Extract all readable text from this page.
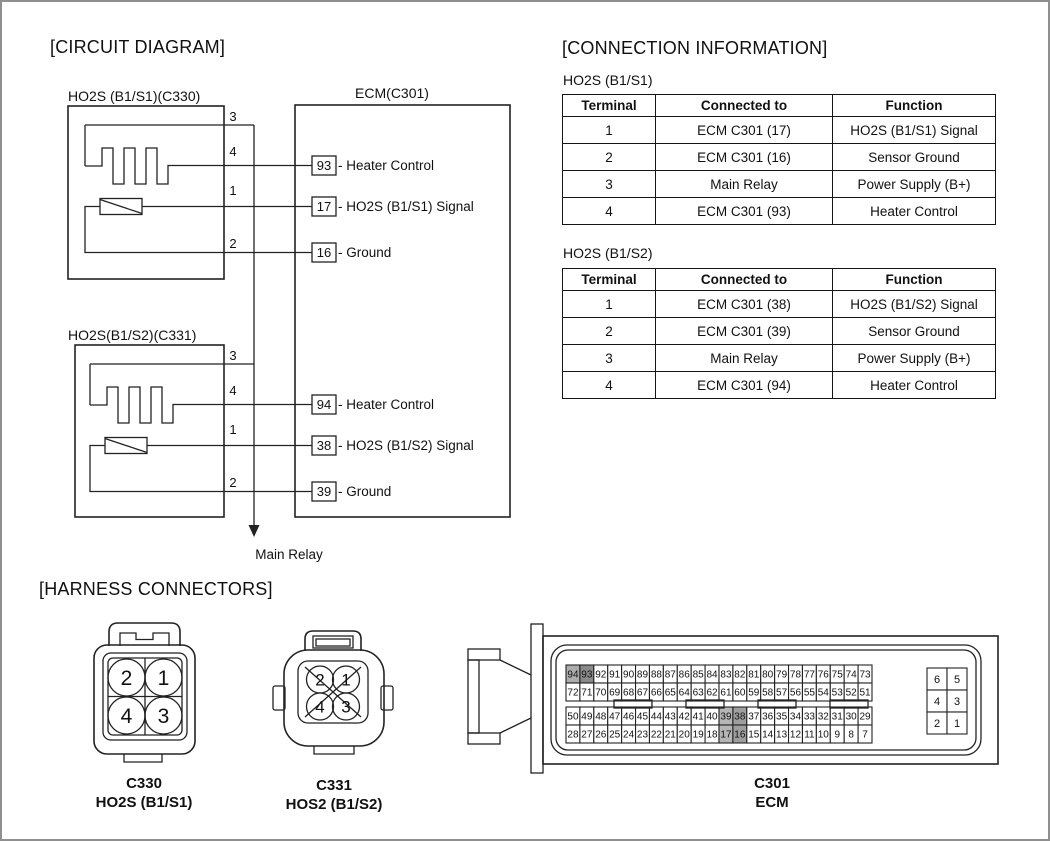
[CIRCUIT DIAGRAM]
Main Relay
ECM(C301)
HO2S (B1/S1)(C330)
3
4
1
2
93 - Heater Control
17 - HO2S (B1/S1) Signal
16 - Ground
HO2S(B1/S2)(C331)
3
4
1
2
94 - Heater Control
38 - HO2S (B1/S2) Signal
39 - Ground
[CONNECTION INFORMATION]
HO2S (B1/S1)
Terminal	Connected to	Function
1	ECM C301 (17)	HO2S (B1/S1) Signal
2	ECM C301 (16)	Sensor Ground
3	Main Relay	Power Supply (B+)
4	ECM C301 (93)	Heater Control
HO2S (B1/S2)
Terminal	Connected to	Function
1	ECM C301 (38)	HO2S (B1/S2) Signal
2	ECM C301 (39)	Sensor Ground
3	Main Relay	Power Supply (B+)
4	ECM C301 (94)	Heater Control
[HARNESS CONNECTORS]
2 1
4 3
2 1
4 3
94 93 92 91 90 89 88 87 86 85 84 83 82 81 80 79 78 77 76 75 74 73
72 71 70 69 68 67 66 65 64 63 62 61 60 59 58 57 56 55 54 53 52 51
50 49 48 47 46 45 44 43 42 41 40 39 38 37 36 35 34 33 32 31 30 29
28 27 26 25 24 23 22 21 20 19 18 17 16 15 14 13 12 11 10 9 8 7
6 5
4 3
2 1
C330
HO2S (B1/S1)
C331
HOS2 (B1/S2)
C301
ECM
